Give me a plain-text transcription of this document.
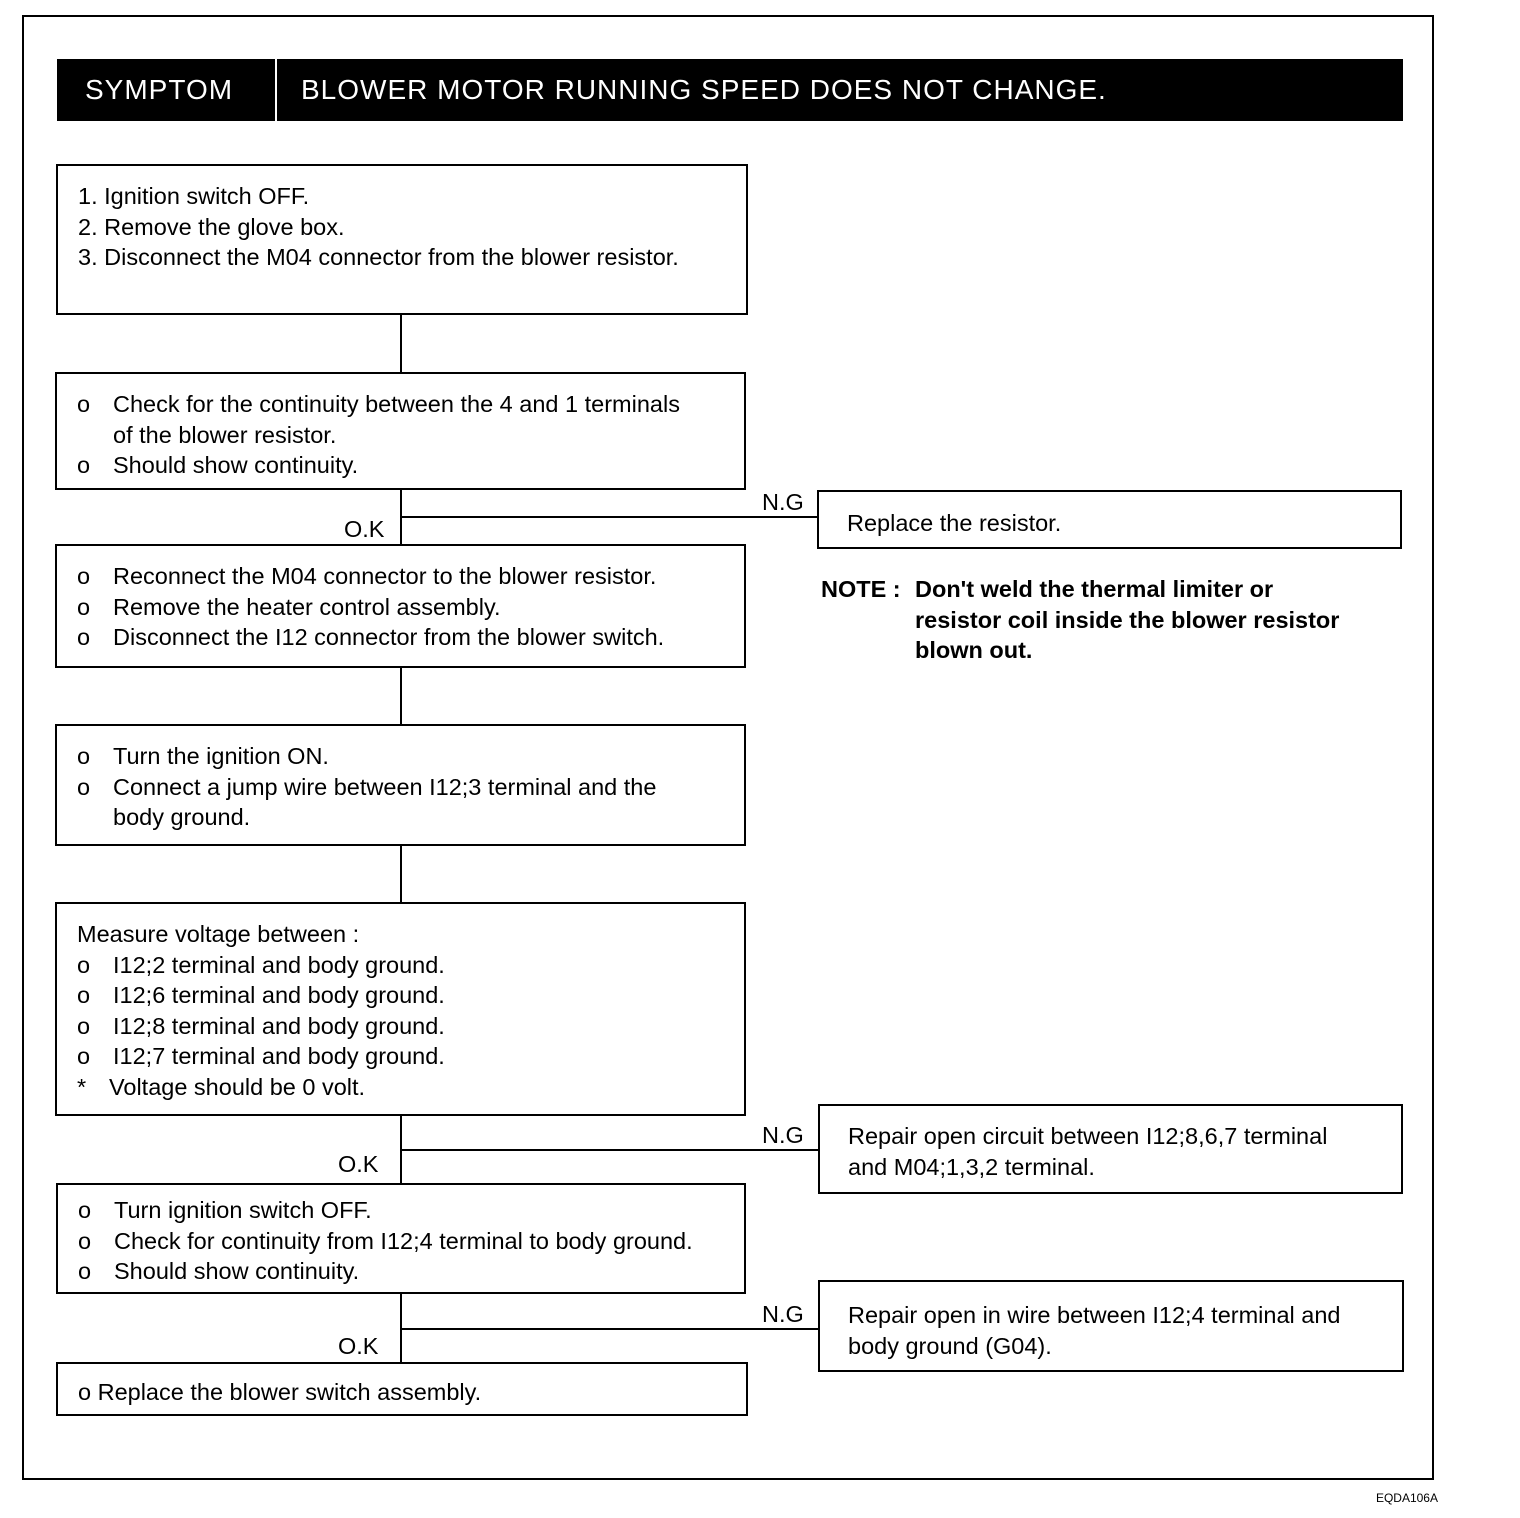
SYMPTOM	BLOWER MOTOR RUNNING SPEED DOES NOT CHANGE.
1. Ignition switch OFF.
2. Remove the glove box.
3. Disconnect the M04 connector from the blower resistor.
o Check for the continuity between the 4 and 1 terminals
of the blower resistor.
o Should show continuity.
N.G
O.K	Replace the resistor.
NOTE : Don't weld the thermal limiter or
resistor coil inside the blower resistor
blown out.
o Reconnect the M04 connector to the blower resistor.
o Remove the heater control assembly.
o Disconnect the I12 connector from the blower switch.
o Turn the ignition ON.
o Connect a jump wire between I12;3 terminal and the
body ground.
Measure voltage between :
o I12;2 terminal and body ground.
o I12;6 terminal and body ground.
o I12;8 terminal and body ground.
o I12;7 terminal and body ground.
* Voltage should be 0 volt.
N.G
O.K
Repair open circuit between I12;8,6,7 terminal
and M04;1,3,2 terminal.
o Turn ignition switch OFF.
o Check for continuity from I12;4 terminal to body ground.
o Should show continuity.
N.G
O.K
Repair open in wire between I12;4 terminal and
body ground (G04).
o Replace the blower switch assembly.
EQDA106A
